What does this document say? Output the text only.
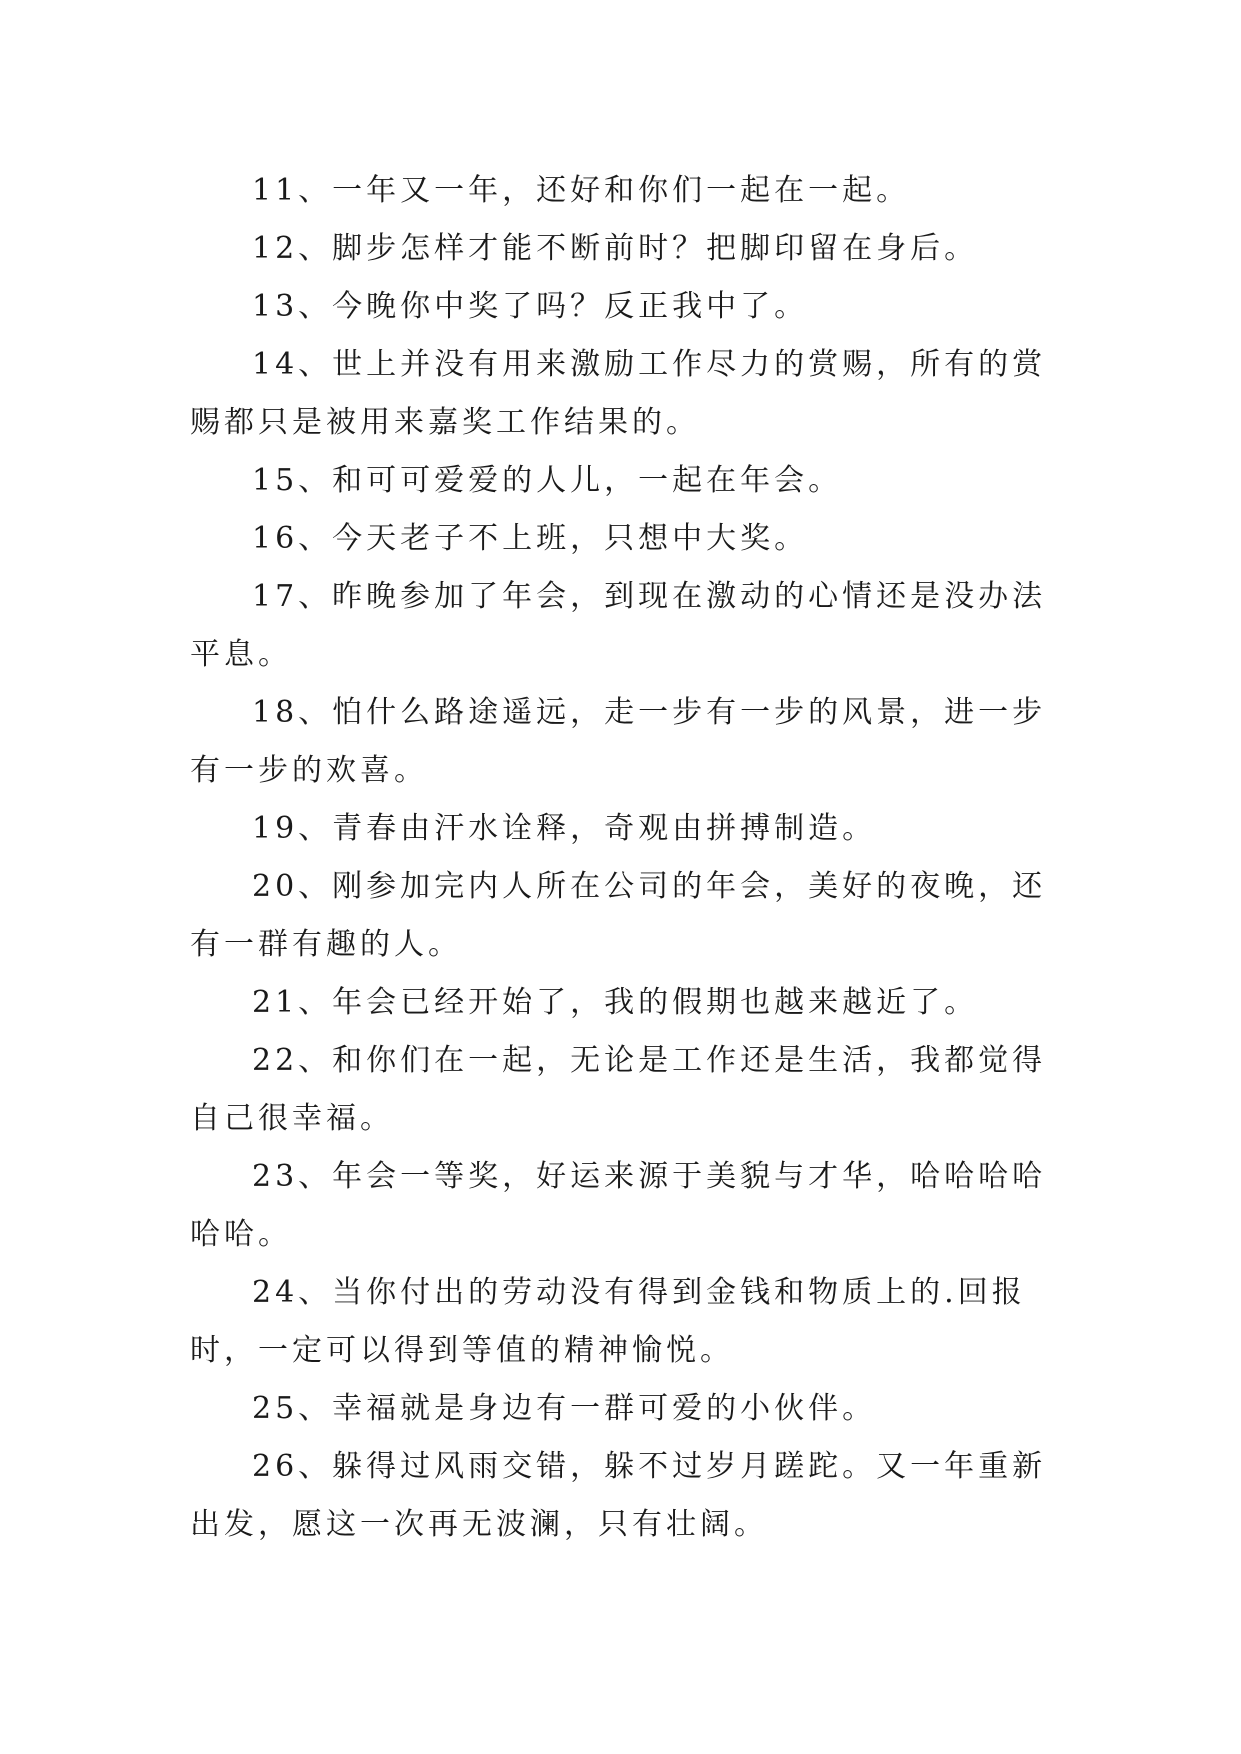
11、一年又一年，还好和你们一起在一起。

12、脚步怎样才能不断前时？把脚印留在身后。

13、今晚你中奖了吗？反正我中了。

14、世上并没有用来激励工作尽力的赏赐，所有的赏赐都只是被用来嘉奖工作结果的。

15、和可可爱爱的人儿，一起在年会。

16、今天老子不上班，只想中大奖。

17、昨晚参加了年会，到现在激动的心情还是没办法平息。

18、怕什么路途遥远，走一步有一步的风景，进一步有一步的欢喜。

19、青春由汗水诠释，奇观由拼搏制造。

20、刚参加完内人所在公司的年会，美好的夜晚，还有一群有趣的人。

21、年会已经开始了，我的假期也越来越近了。

22、和你们在一起，无论是工作还是生活，我都觉得自己很幸福。

23、年会一等奖，好运来源于美貌与才华，哈哈哈哈哈哈。

24、当你付出的劳动没有得到金钱和物质上的.回报时，一定可以得到等值的精神愉悦。

25、幸福就是身边有一群可爱的小伙伴。

26、躲得过风雨交错，躲不过岁月蹉跎。又一年重新出发，愿这一次再无波澜，只有壮阔。
